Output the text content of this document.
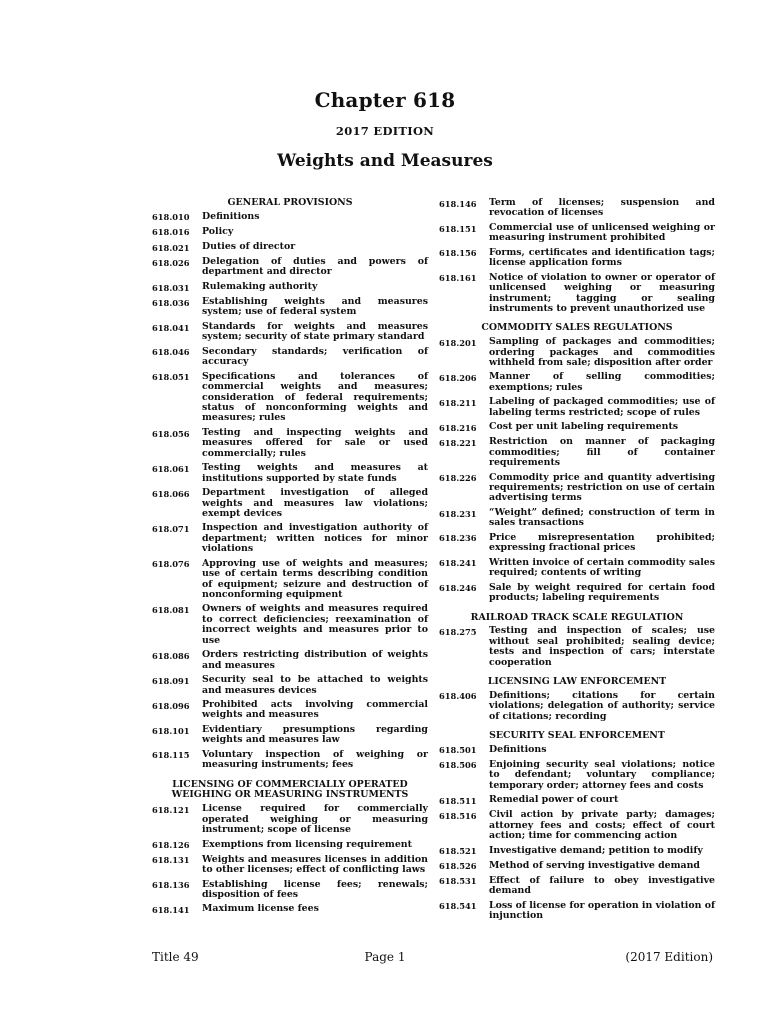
Chapter 618
2017 EDITION
Weights and Measures
GENERAL PROVISIONS
618.010	Definitions
618.016	Policy
618.021	Duties of director
618.026	Delegation of duties and powers of department and director
618.031	Rulemaking authority
618.036	Establishing weights and measures system; use of federal system
618.041	Standards for weights and measures system; security of state primary standard
618.046	Secondary standards; verification of accuracy
618.051	Specifications and tolerances of commercial weights and measures; consideration of federal requirements; status of nonconforming weights and measures; rules
618.056	Testing and inspecting weights and measures offered for sale or used commercially; rules
618.061	Testing weights and measures at institutions supported by state funds
618.066	Department investigation of alleged weights and measures law violations; exempt devices
618.071	Inspection and investigation authority of department; written notices for minor violations
618.076	Approving use of weights and measures; use of certain terms describing condition of equipment; seizure and destruction of nonconforming equipment
618.081	Owners of weights and measures required to correct deficiencies; reexamination of incorrect weights and measures prior to use
618.086	Orders restricting distribution of weights and measures
618.091	Security seal to be attached to weights and measures devices
618.096	Prohibited acts involving commercial weights and measures
618.101	Evidentiary presumptions regarding weights and measures law
618.115	Voluntary inspection of weighing or measuring instruments; fees
LICENSING OF COMMERCIALLY OPERATED WEIGHING OR MEASURING INSTRUMENTS
618.121	License required for commercially operated weighing or measuring instrument; scope of license
618.126	Exemptions from licensing requirement
618.131	Weights and measures licenses in addition to other licenses; effect of conflicting laws
618.136	Establishing license fees; renewals; disposition of fees
618.141	Maximum license fees
618.146	Term of licenses; suspension and revocation of licenses
618.151	Commercial use of unlicensed weighing or measuring instrument prohibited
618.156	Forms, certificates and identification tags; license application forms
618.161	Notice of violation to owner or operator of unlicensed weighing or measuring instrument; tagging or sealing instruments to prevent unauthorized use
COMMODITY SALES REGULATIONS
618.201	Sampling of packages and commodities; ordering packages and commodities withheld from sale; disposition after order
618.206	Manner of selling commodities; exemptions; rules
618.211	Labeling of packaged commodities; use of labeling terms restricted; scope of rules
618.216	Cost per unit labeling requirements
618.221	Restriction on manner of packaging commodities; fill of container requirements
618.226	Commodity price and quantity advertising requirements; restriction on use of certain advertising terms
618.231	“Weight” defined; construction of term in sales transactions
618.236	Price misrepresentation prohibited; expressing fractional prices
618.241	Written invoice of certain commodity sales required; contents of writing
618.246	Sale by weight required for certain food products; labeling requirements
RAILROAD TRACK SCALE REGULATION
618.275	Testing and inspection of scales; use without seal prohibited; sealing device; tests and inspection of cars; interstate cooperation
LICENSING LAW ENFORCEMENT
618.406	Definitions; citations for certain violations; delegation of authority; service of citations; recording
SECURITY SEAL ENFORCEMENT
618.501	Definitions
618.506	Enjoining security seal violations; notice to defendant; voluntary compliance; temporary order; attorney fees and costs
618.511	Remedial power of court
618.516	Civil action by private party; damages; attorney fees and costs; effect of court action; time for commencing action
618.521	Investigative demand; petition to modify
618.526	Method of serving investigative demand
618.531	Effect of failure to obey investigative demand
618.541	Loss of license for operation in violation of injunction
Title 49	Page 1	(2017 Edition)
